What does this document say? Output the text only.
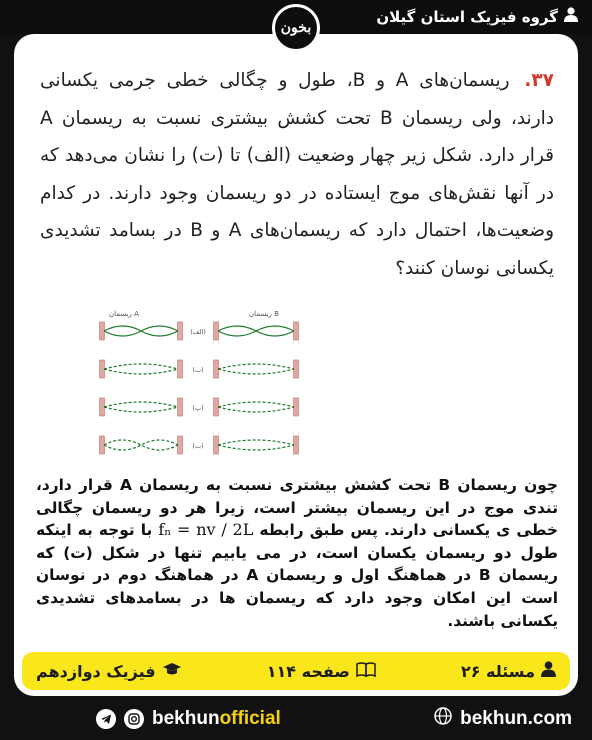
گروه فیزیک استان گیلان
بخون

۳۷. ریسمان‌های A و B، طول و چگالی خطی جرمی یکسانی دارند، ولی ریسمان B تحت کشش بیشتری نسبت به ریسمان A قرار دارد. شکل زیر چهار وضعیت (الف) تا (ت) را نشان می‌دهد که در آنها نقش‌های موج ایستاده در دو ریسمان وجود دارند. در کدام وضعیت‌ها، احتمال دارد که ریسمان‌های A و B در بسامد تشدیدی یکسانی نوسان کنند؟

ریسمان A	ریسمان B
(الف)
(ب)
(پ)
(ت)

چون ریسمان B تحت کشش بیشتری نسبت به ریسمان A قرار دارد، تندی موج در این ریسمان بیشتر است، زیرا هر دو ریسمان چگالی خطی ی یکسانی دارند. پس طبق رابطه fₙ = nv / 2L با توجه به اینکه طول دو ریسمان یکسان است، در می یابیم تنها در شکل (ت) که ریسمان B در هماهنگ اول و ریسمان A در هماهنگ دوم در نوسان است این امکان وجود دارد که ریسمان ها در بسامدهای تشدیدی یکسانی باشند.

مسئله ۲۶
صفحه ۱۱۴
فیزیک دوازدهم
bekhunofficial	bekhun.com
